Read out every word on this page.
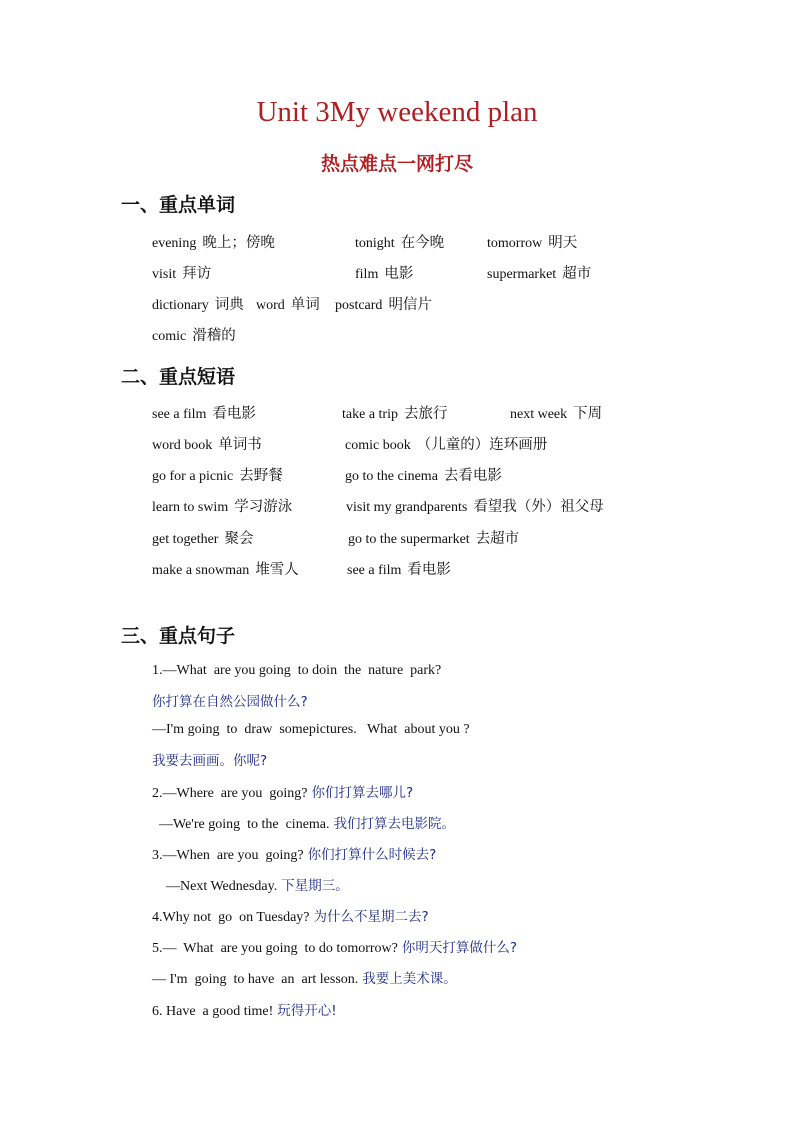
Unit 3My weekend plan
热点难点一网打尽
一、重点单词
evening 晚上；傍晚	tonight 在今晚	tomorrow 明天
visit 拜访	film 电影	supermarket 超市
dictionary 词典 word 单词 postcard 明信片
comic 滑稽的
二、重点短语
see a film 看电影	take a trip 去旅行	next week 下周
word book 单词书	comic book （儿童的）连环画册
go for a picnic 去野餐	go to the cinema 去看电影
learn to swim 学习游泳	visit my grandparents 看望我（外）祖父母
get together 聚会	go to the supermarket 去超市
make a snowman 堆雪人	see a film 看电影
三、重点句子
1.—What  are you going  to doin  the  nature  park?
你打算在自然公园做什么?
—I'm going  to  draw  somepictures.   What  about you ?
我要去画画。你呢?
2.—Where  are you  going? 你们打算去哪儿?
—We're going  to the  cinema. 我们打算去电影院。
3.—When  are you  going? 你们打算什么时候去?
—Next Wednesday. 下星期三。
4.Why not  go  on Tuesday? 为什么不星期二去?
5.—  What  are you going  to do tomorrow? 你明天打算做什么?
— I'm  going  to have  an  art lesson. 我要上美术课。
6. Have  a good time! 玩得开心!
